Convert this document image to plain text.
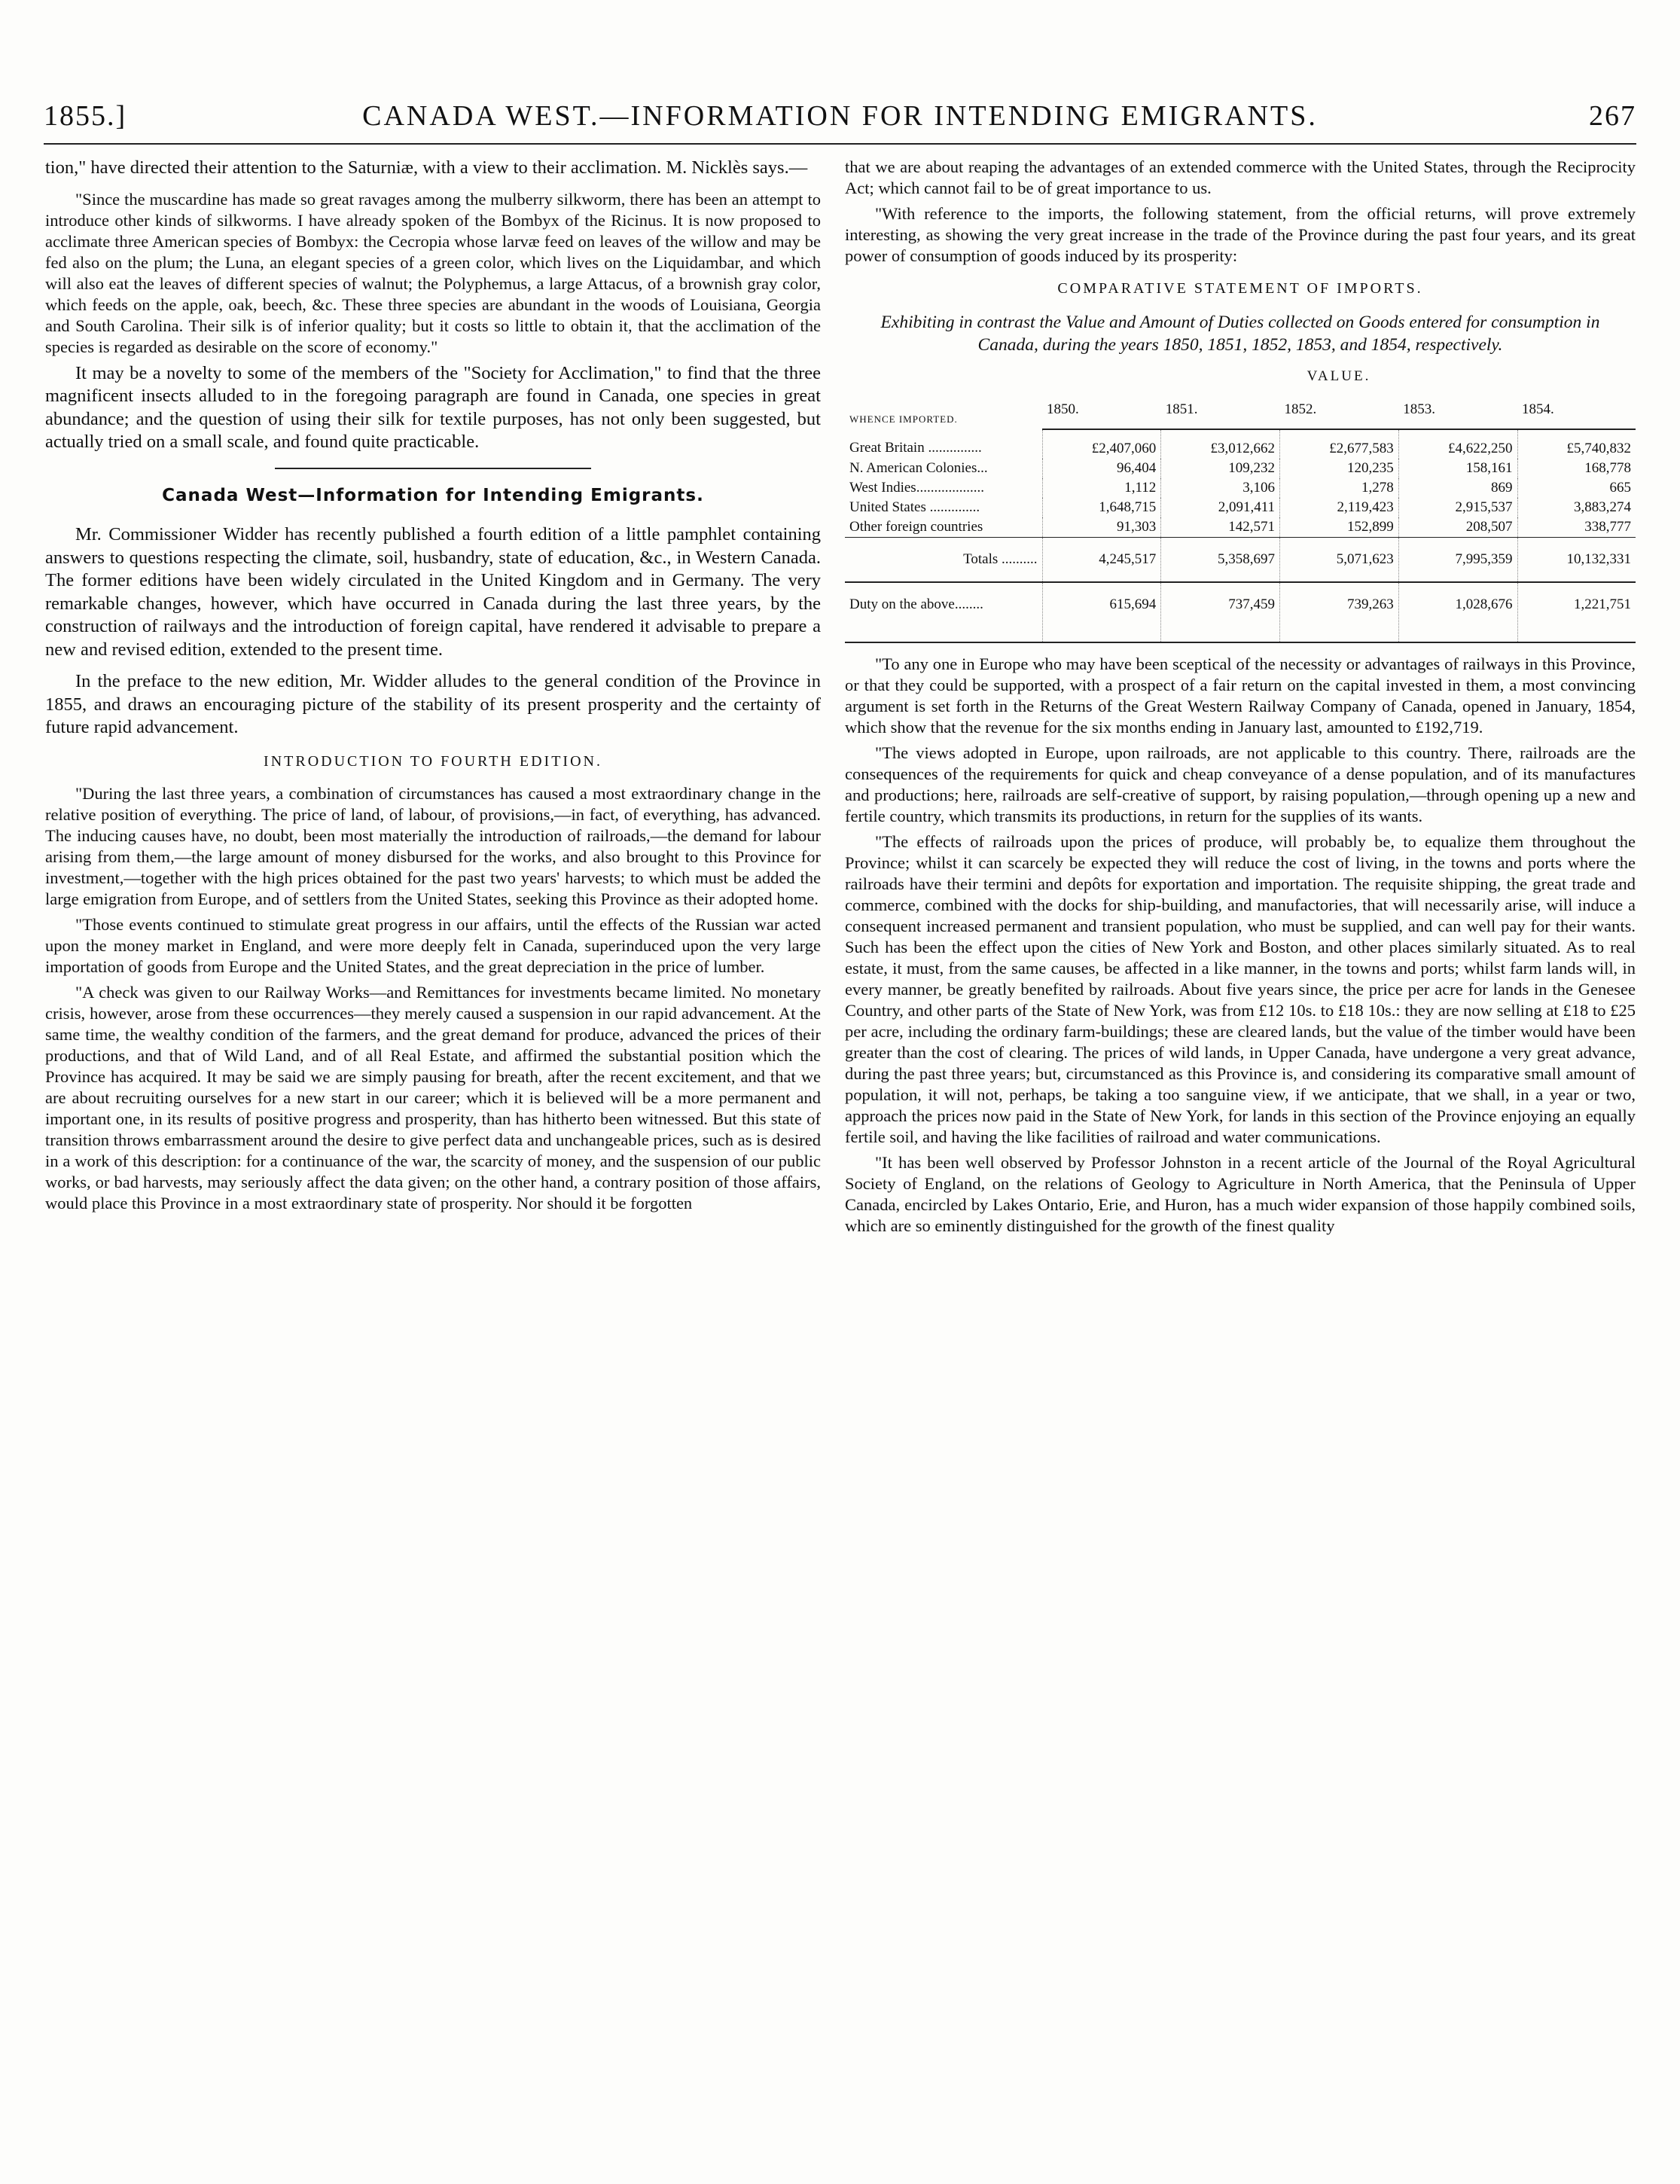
1855.]	CANADA WEST.—INFORMATION FOR INTENDING EMIGRANTS.	267

tion," have directed their attention to the Saturniæ, with a view to their acclimation. M. Nicklès says.—

"Since the muscardine has made so great ravages among the mulberry silkworm, there has been an attempt to introduce other kinds of silkworms. I have already spoken of the Bombyx of the Ricinus. It is now proposed to acclimate three American species of Bombyx: the Cecropia whose larvæ feed on leaves of the willow and may be fed also on the plum; the Luna, an elegant species of a green color, which lives on the Liquidambar, and which will also eat the leaves of different species of walnut; the Polyphemus, a large Attacus, of a brownish gray color, which feeds on the apple, oak, beech, &c. These three species are abundant in the woods of Louisiana, Georgia and South Carolina. Their silk is of inferior quality; but it costs so little to obtain it, that the acclimation of the species is regarded as desirable on the score of economy."

It may be a novelty to some of the members of the "Society for Acclimation," to find that the three magnificent insects alluded to in the foregoing paragraph are found in Canada, one species in great abundance; and the question of using their silk for textile purposes, has not only been suggested, but actually tried on a small scale, and found quite practicable.

Canada West—Information for Intending Emigrants.

Mr. Commissioner Widder has recently published a fourth edition of a little pamphlet containing answers to questions respecting the climate, soil, husbandry, state of education, &c., in Western Canada. The former editions have been widely circulated in the United Kingdom and in Germany. The very remarkable changes, however, which have occurred in Canada during the last three years, by the construction of railways and the introduction of foreign capital, have rendered it advisable to prepare a new and revised edition, extended to the present time.

In the preface to the new edition, Mr. Widder alludes to the general condition of the Province in 1855, and draws an encouraging picture of the stability of its present prosperity and the certainty of future rapid advancement.

INTRODUCTION TO FOURTH EDITION.

"During the last three years, a combination of circumstances has caused a most extraordinary change in the relative position of everything. The price of land, of labour, of provisions,—in fact, of everything, has advanced. The inducing causes have, no doubt, been most materially the introduction of railroads,—the demand for labour arising from them,—the large amount of money disbursed for the works, and also brought to this Province for investment,—together with the high prices obtained for the past two years' harvests; to which must be added the large emigration from Europe, and of settlers from the United States, seeking this Province as their adopted home.

"Those events continued to stimulate great progress in our affairs, until the effects of the Russian war acted upon the money market in England, and were more deeply felt in Canada, superinduced upon the very large importation of goods from Europe and the United States, and the great depreciation in the price of lumber.

"A check was given to our Railway Works—and Remittances for investments became limited. No monetary crisis, however, arose from these occurrences—they merely caused a suspension in our rapid advancement. At the same time, the wealthy condition of the farmers, and the great demand for produce, advanced the prices of their productions, and that of Wild Land, and of all Real Estate, and affirmed the substantial position which the Province has acquired. It may be said we are simply pausing for breath, after the recent excitement, and that we are about recruiting ourselves for a new start in our career; which it is believed will be a more permanent and important one, in its results of positive progress and prosperity, than has hitherto been witnessed. But this state of transition throws embarrassment around the desire to give perfect data and unchangeable prices, such as is desired in a work of this description: for a continuance of the war, the scarcity of money, and the suspension of our public works, or bad harvests, may seriously affect the data given; on the other hand, a contrary position of those affairs, would place this Province in a most extraordinary state of prosperity. Nor should it be forgotten

that we are about reaping the advantages of an extended commerce with the United States, through the Reciprocity Act; which cannot fail to be of great importance to us.

"With reference to the imports, the following statement, from the official returns, will prove extremely interesting, as showing the very great increase in the trade of the Province during the past four years, and its great power of consumption of goods induced by its prosperity:

COMPARATIVE STATEMENT OF IMPORTS.
Exhibiting in contrast the Value and Amount of Duties collected on Goods entered for consumption in Canada, during the years 1850, 1851, 1852, 1853, and 1854, respectively.
WHENCE IMPORTED.	VALUE.				
	1850.	1851.	1852.	1853.	1854.
Great Britain ...............	£2,407,060	£3,012,662	£2,677,583	£4,622,250	£5,740,832
N. American Colonies...	96,404	109,232	120,235	158,161	168,778
West Indies...................	1,112	3,106	1,278	869	665
United States ..............	1,648,715	2,091,411	2,119,423	2,915,537	3,883,274
Other foreign countries	91,303	142,571	152,899	208,507	338,777
Totals ..........	4,245,517	5,358,697	5,071,623	7,995,359	10,132,331
Duty on the above........	615,694	737,459	739,263	1,028,676	1,221,751

"To any one in Europe who may have been sceptical of the necessity or advantages of railways in this Province, or that they could be supported, with a prospect of a fair return on the capital invested in them, a most convincing argument is set forth in the Returns of the Great Western Railway Company of Canada, opened in January, 1854, which show that the revenue for the six months ending in January last, amounted to £192,719.

"The views adopted in Europe, upon railroads, are not applicable to this country. There, railroads are the consequences of the requirements for quick and cheap conveyance of a dense population, and of its manufactures and productions; here, railroads are self-creative of support, by raising population,—through opening up a new and fertile country, which transmits its productions, in return for the supplies of its wants.

"The effects of railroads upon the prices of produce, will probably be, to equalize them throughout the Province; whilst it can scarcely be expected they will reduce the cost of living, in the towns and ports where the railroads have their termini and depôts for exportation and importation. The requisite shipping, the great trade and commerce, combined with the docks for ship-building, and manufactories, that will necessarily arise, will induce a consequent increased permanent and transient population, who must be supplied, and can well pay for their wants. Such has been the effect upon the cities of New York and Boston, and other places similarly situated. As to real estate, it must, from the same causes, be affected in a like manner, in the towns and ports; whilst farm lands will, in every manner, be greatly benefited by railroads. About five years since, the price per acre for lands in the Genesee Country, and other parts of the State of New York, was from £12 10s. to £18 10s.: they are now selling at £18 to £25 per acre, including the ordinary farm-buildings; these are cleared lands, but the value of the timber would have been greater than the cost of clearing. The prices of wild lands, in Upper Canada, have undergone a very great advance, during the past three years; but, circumstanced as this Province is, and considering its comparative small amount of population, it will not, perhaps, be taking a too sanguine view, if we anticipate, that we shall, in a year or two, approach the prices now paid in the State of New York, for lands in this section of the Province enjoying an equally fertile soil, and having the like facilities of railroad and water communications.

"It has been well observed by Professor Johnston in a recent article of the Journal of the Royal Agricultural Society of England, on the relations of Geology to Agriculture in North America, that the Peninsula of Upper Canada, encircled by Lakes Ontario, Erie, and Huron, has a much wider expansion of those happily combined soils, which are so eminently distinguished for the growth of the finest quality
